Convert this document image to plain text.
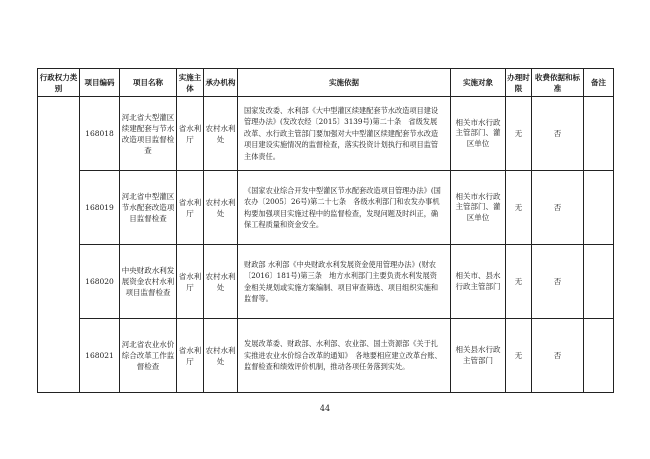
行政权力类别	项目编码	项目名称	实施主体	承办机构	实施依据	实施对象	办理时限	收费依据和标准	备注
	168018	河北省大型灌区续建配套与节水改造项目监督检查	省水利厅	农村水利处	国家发改委、水利部《大中型灌区续建配套节水改造项目建设管理办法》(发改农经〔2015〕3139号)第二十条　省级发展改革、水行政主管部门要加强对大中型灌区续建配套节水改造项目建设实施情况的监督检查，落实投资计划执行和项目监管主体责任。	相关市水行政主管部门、灌区单位	无	否	
	168019	河北省中型灌区节水配套改造项目监督检查	省水利厅	农村水利处	《国家农业综合开发中型灌区节水配套改造项目管理办法》(国农办〔2005〕26号)第二十七条　各级水利部门和农发办事机构要加强项目实施过程中的监督检查，发现问题及时纠正，确保工程质量和资金安全。	相关市水行政主管部门、灌区单位	无	否	
	168020	中央财政水利发展资金农村水利项目监督检查	省水利厅	农村水利处	财政部 水利部《中央财政水利发展资金使用管理办法》(财农〔2016〕181号)第三条　地方水利部门主要负责水利发展资金相关规划或实施方案编制、项目审查筛选、项目组织实施和监督等。	相关市、县水行政主管部门	无	否	
	168021	河北省农业水价综合改革工作监督检查	省水利厅	农村水利处	发展改革委、财政部、水利部、农业部、国土资源部《关于扎实推进农业水价综合改革的通知》　各地要相应建立改革台账、监督检查和绩效评价机制，推动各项任务落到实处。	相关县水行政主管部门	无	否	
44
